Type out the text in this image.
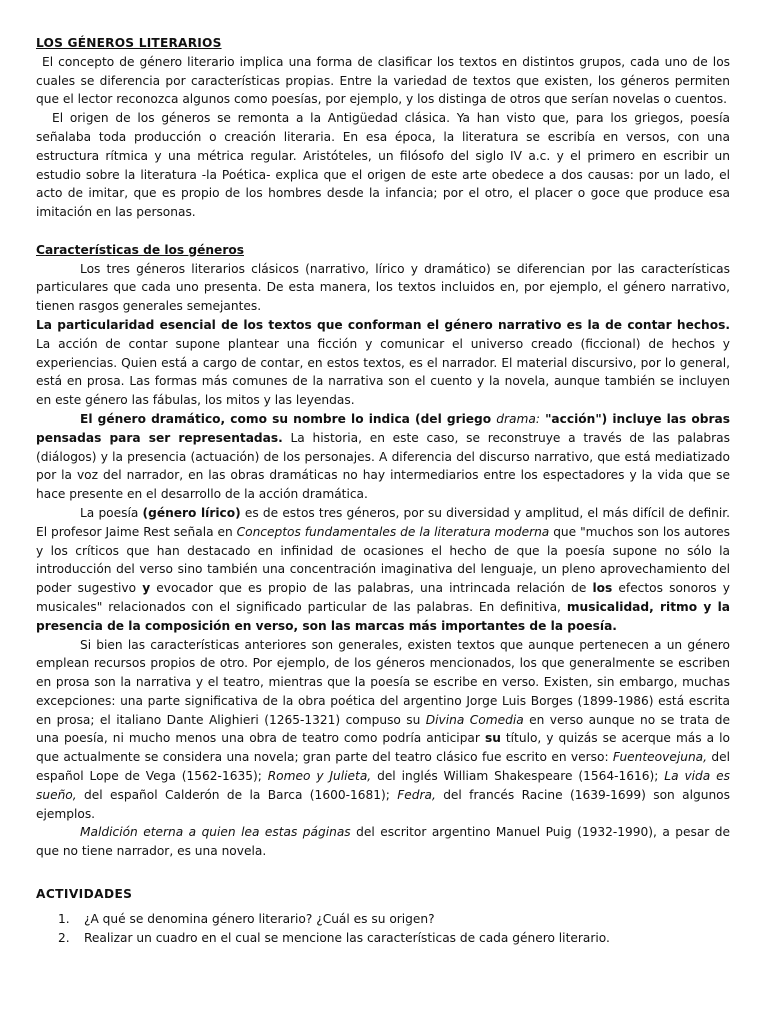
LOS GÉNEROS LITERARIOS

El concepto de género literario implica una forma de clasificar los textos en distintos grupos, cada uno de los cuales se diferencia por características propias. Entre la variedad de textos que existen, los géneros permiten que el lector reconozca algunos como poesías, por ejemplo, y los distinga de otros que serían novelas o cuentos.

El origen de los géneros se remonta a la Antigüedad clásica. Ya han visto que, para los griegos, poesía señalaba toda producción o creación literaria. En esa época, la literatura se escribía en versos, con una estructura rítmica y una métrica regular. Aristóteles, un filósofo del siglo IV a.c. y el primero en escribir un estudio sobre la literatura -la Poética- explica que el origen de este arte obedece a dos causas: por un lado, el acto de imitar, que es propio de los hombres desde la infancia; por el otro, el placer o goce que produce esa imitación en las personas.

Características de los géneros

Los tres géneros literarios clásicos (narrativo, lírico y dramático) se diferencian por las características particulares que cada uno presenta. De esta manera, los textos incluidos en, por ejemplo, el género narrativo, tienen rasgos generales semejantes.

La particularidad esencial de los textos que conforman el género narrativo es la de contar hechos. La acción de contar supone plantear una ficción y comunicar el universo creado (ficcional) de hechos y experiencias. Quien está a cargo de contar, en estos textos, es el narrador. El material discursivo, por lo general, está en prosa. Las formas más comunes de la narrativa son el cuento y la novela, aunque también se incluyen en este género las fábulas, los mitos y las leyendas.

El género dramático, como su nombre lo indica (del griego drama: "acción") incluye las obras pensadas para ser representadas. La historia, en este caso, se reconstruye a través de las palabras (diálogos) y la presencia (actuación) de los personajes. A diferencia del discurso narrativo, que está mediatizado por la voz del narrador, en las obras dramáticas no hay intermediarios entre los espectadores y la vida que se hace presente en el desarrollo de la acción dramática.

La poesía (género lírico) es de estos tres géneros, por su diversidad y amplitud, el más difícil de definir. El profesor Jaime Rest señala en Conceptos fundamentales de la literatura moderna que "muchos son los autores y los críticos que han destacado en infinidad de ocasiones el hecho de que la poesía supone no sólo la introducción del verso sino también una concentración imaginativa del lenguaje, un pleno aprovechamiento del poder sugestivo y evocador que es propio de las palabras, una intrincada relación de los efectos sonoros y musicales" relacionados con el significado particular de las palabras. En definitiva, musicalidad, ritmo y la presencia de la composición en verso, son las marcas más importantes de la poesía.

Si bien las características anteriores son generales, existen textos que aunque pertenecen a un género emplean recursos propios de otro. Por ejemplo, de los géneros mencionados, los que generalmente se escriben en prosa son la narrativa y el teatro, mientras que la poesía se escribe en verso. Existen, sin embargo, muchas excepciones: una parte significativa de la obra poética del argentino Jorge Luis Borges (1899-1986) está escrita en prosa; el italiano Dante Alighieri (1265-1321) compuso su Divina Comedia en verso aunque no se trata de una poesía, ni mucho menos una obra de teatro como podría anticipar su título, y quizás se acerque más a lo que actualmente se considera una novela; gran parte del teatro clásico fue escrito en verso: Fuenteovejuna, del español Lope de Vega (1562-1635); Romeo y Julieta, del inglés William Shakespeare (1564-1616); La vida es sueño, del español Calderón de la Barca (1600-1681); Fedra, del francés Racine (1639-1699) son algunos ejemplos.

Maldición eterna a quien lea estas páginas del escritor argentino Manuel Puig (1932-1990), a pesar de que no tiene narrador, es una novela.

ACTIVIDADES

1.	¿A qué se denomina género literario? ¿Cuál es su origen?
2.	Realizar un cuadro en el cual se mencione las características de cada género literario.
